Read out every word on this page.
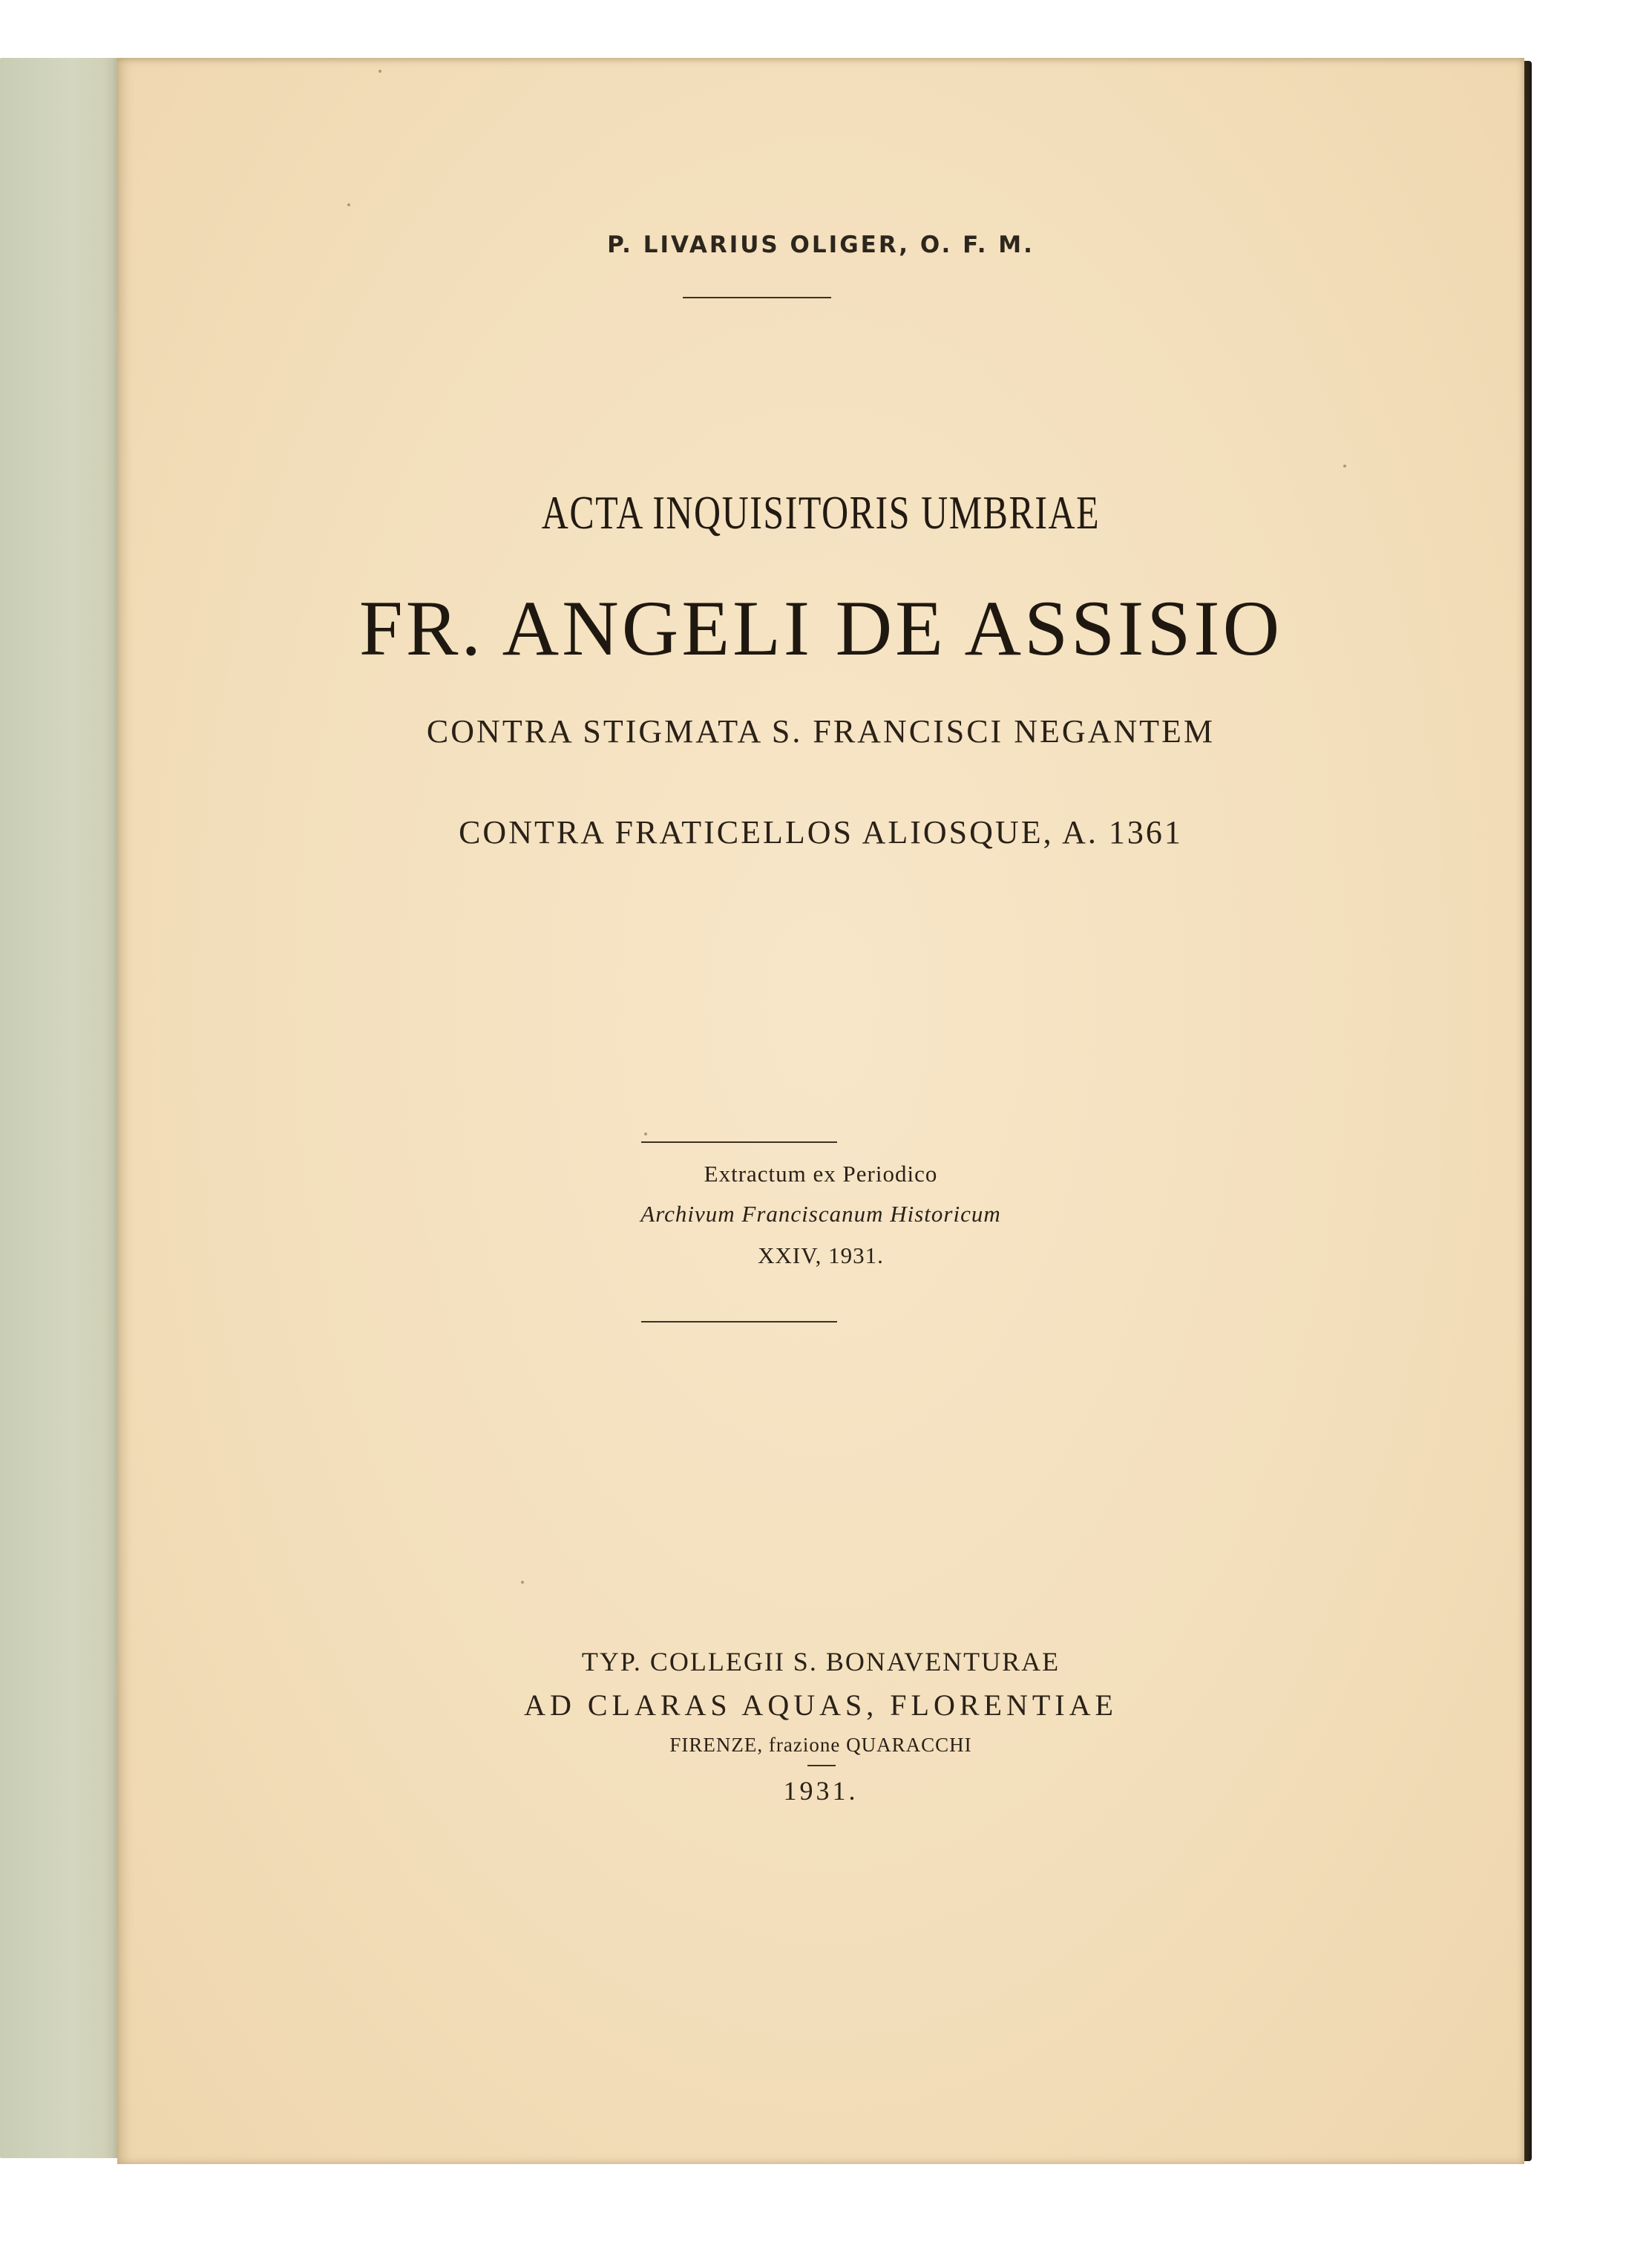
P. LIVARIUS OLIGER, O. F. M.
ACTA INQUISITORIS UMBRIAE
FR. ANGELI DE ASSISIO
CONTRA STIGMATA S. FRANCISCI NEGANTEM
CONTRA FRATICELLOS ALIOSQUE, A. 1361
Extractum ex Periodico
Archivum Franciscanum Historicum
XXIV, 1931.
TYP. COLLEGII S. BONAVENTURAE
AD CLARAS AQUAS, FLORENTIAE
FIRENZE, frazione QUARACCHI
1931.
